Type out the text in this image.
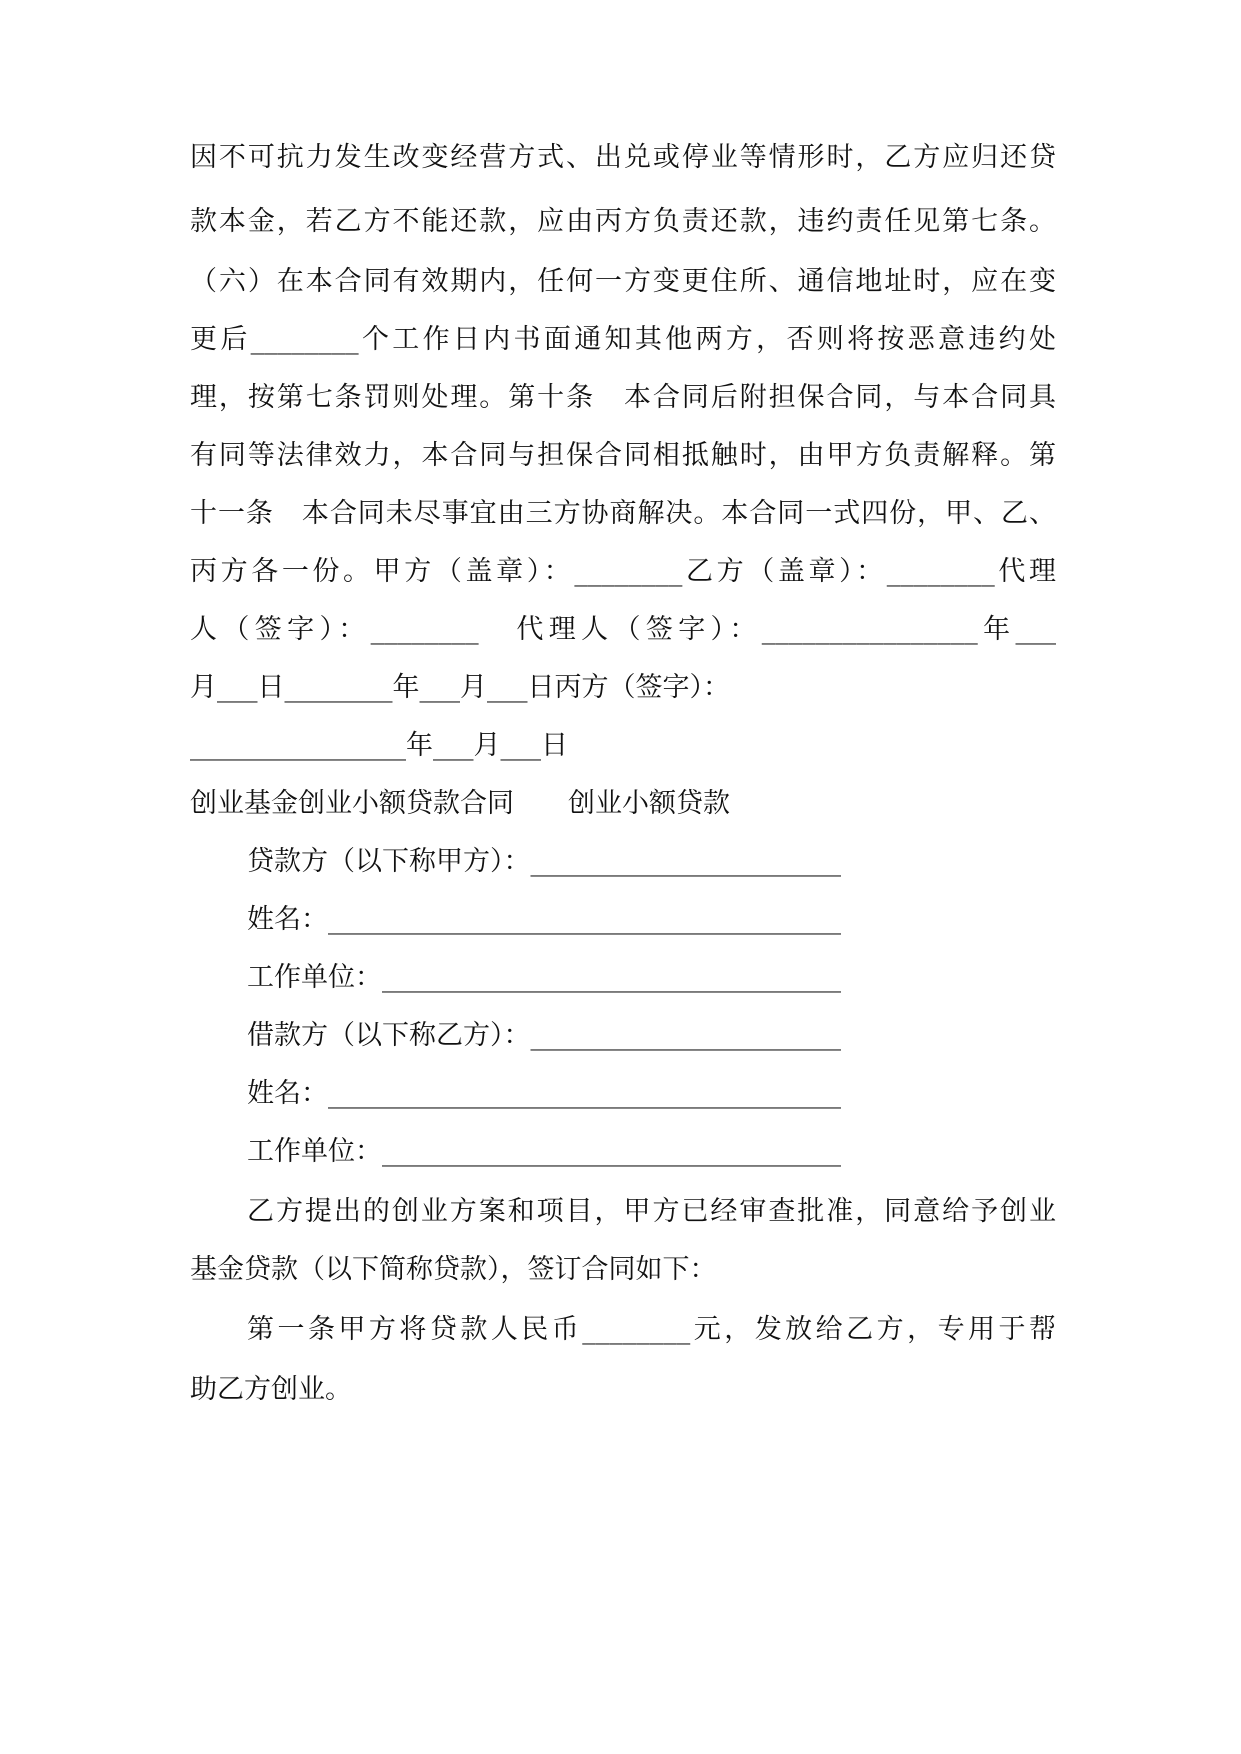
因不可抗力发生改变经营方式、出兑或停业等情形时，乙方应归还贷
款本金，若乙方不能还款，应由丙方负责还款，违约责任见第七条。
（六）在本合同有效期内，任何一方变更住所、通信地址时，应在变
更后________个工作日内书面通知其他两方，否则将按恶意违约处
理，按第七条罚则处理。第十条　本合同后附担保合同，与本合同具
有同等法律效力，本合同与担保合同相抵触时，由甲方负责解释。第
十一条　本合同未尽事宜由三方协商解决。本合同一式四份，甲、乙、
丙方各一份。甲方（盖章）：________乙方（盖章）：________代理
人（签字）：________　代理人（签字）：________________年___
月___日________年___月___日丙方（签字）：
________________年___月___日
创业基金创业小额贷款合同　　创业小额贷款
贷款方（以下称甲方）：_______________________
姓名：______________________________________
工作单位：__________________________________
借款方（以下称乙方）：_______________________
姓名：______________________________________
工作单位：__________________________________
乙方提出的创业方案和项目，甲方已经审查批准，同意给予创业
基金贷款（以下简称贷款），签订合同如下：
第一条甲方将贷款人民币________元，发放给乙方，专用于帮
助乙方创业。
